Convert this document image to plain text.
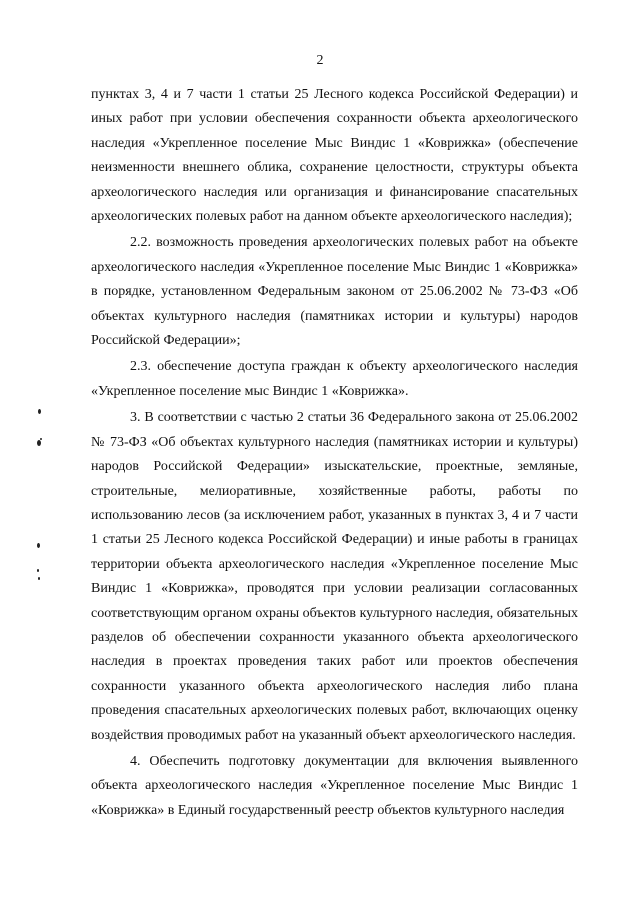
2

пунктах 3, 4 и 7 части 1 статьи 25 Лесного кодекса Российской Федерации) и иных работ при условии обеспечения сохранности объекта археологического наследия «Укрепленное поселение Мыс Виндис 1 «Коврижка» (обеспечение неизменности внешнего облика, сохранение целостности, структуры объекта археологического наследия или организация и финансирование спасательных археологических полевых работ на данном объекте археологического наследия);

2.2. возможность проведения археологических полевых работ на объекте археологического наследия «Укрепленное поселение Мыс Виндис 1 «Коврижка» в порядке, установленном Федеральным законом от 25.06.2002 № 73-ФЗ «Об объектах культурного наследия (памятниках истории и культуры) народов Российской Федерации»;

2.3. обеспечение доступа граждан к объекту археологического наследия «Укрепленное поселение мыс Виндис 1 «Коврижка».

3. В соответствии с частью 2 статьи 36 Федерального закона от 25.06.2002 № 73-ФЗ «Об объектах культурного наследия (памятниках истории и культуры) народов Российской Федерации» изыскательские, проектные, земляные, строительные, мелиоративные, хозяйственные работы, работы по использованию лесов (за исключением работ, указанных в пунктах 3, 4 и 7 части 1 статьи 25 Лесного кодекса Российской Федерации) и иные работы в границах территории объекта археологического наследия «Укрепленное поселение Мыс Виндис 1 «Коврижка», проводятся при условии реализации согласованных соответствующим органом охраны объектов культурного наследия, обязательных разделов об обеспечении сохранности указанного объекта археологического наследия в проектах проведения таких работ или проектов обеспечения сохранности указанного объекта археологического наследия либо плана проведения спасательных археологических полевых работ, включающих оценку воздействия проводимых работ на указанный объект археологического наследия.

4. Обеспечить подготовку документации для включения выявленного объекта археологического наследия «Укрепленное поселение Мыс Виндис 1 «Коврижка» в Единый государственный реестр объектов культурного наследия
